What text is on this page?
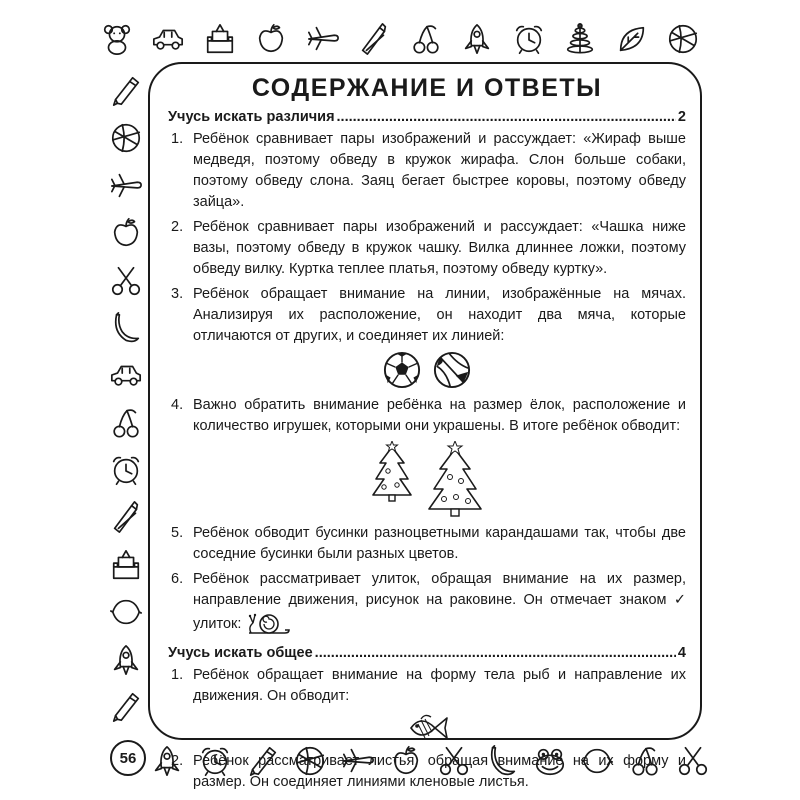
56
СОДЕРЖАНИЕ И ОТВЕТЫ
Учусь искать различия .....	2
1. Ребёнок сравнивает пары изображений и рассуждает: «Жираф выше медведя, поэтому обведу в кружок жирафа. Слон больше собаки, поэтому обведу слона. Заяц бегает быстрее коровы, поэтому обведу зайца».
2. Ребёнок сравнивает пары изображений и рассуждает: «Чашка ниже вазы, поэтому обведу в кружок чашку. Вилка длиннее ложки, поэтому обведу вилку. Куртка теплее платья, поэтому обведу куртку».
3. Ребёнок обращает внимание на линии, изображённые на мячах. Анализируя их расположение, он находит два мяча, которые отличаются от других, и соединяет их линией:
4. Важно обратить внимание ребёнка на размер ёлок, расположение и количество игрушек, которыми они украшены. В итоге ребёнок обводит:
5. Ребёнок обводит бусинки разноцветными карандашами так, чтобы две соседние бусинки были разных цветов.
6. Ребёнок рассматривает улиток, обращая внимание на их размер, направление движения, рисунок на раковине. Он отмечает знаком ✓ улиток:
Учусь искать общее .....	4
1. Ребёнок обращает внимание на форму тела рыб и направление их движения. Он обводит:
2. Ребёнок рассматривает листья, обращая внимание на их форму и размер. Он соединяет линиями кленовые листья.
